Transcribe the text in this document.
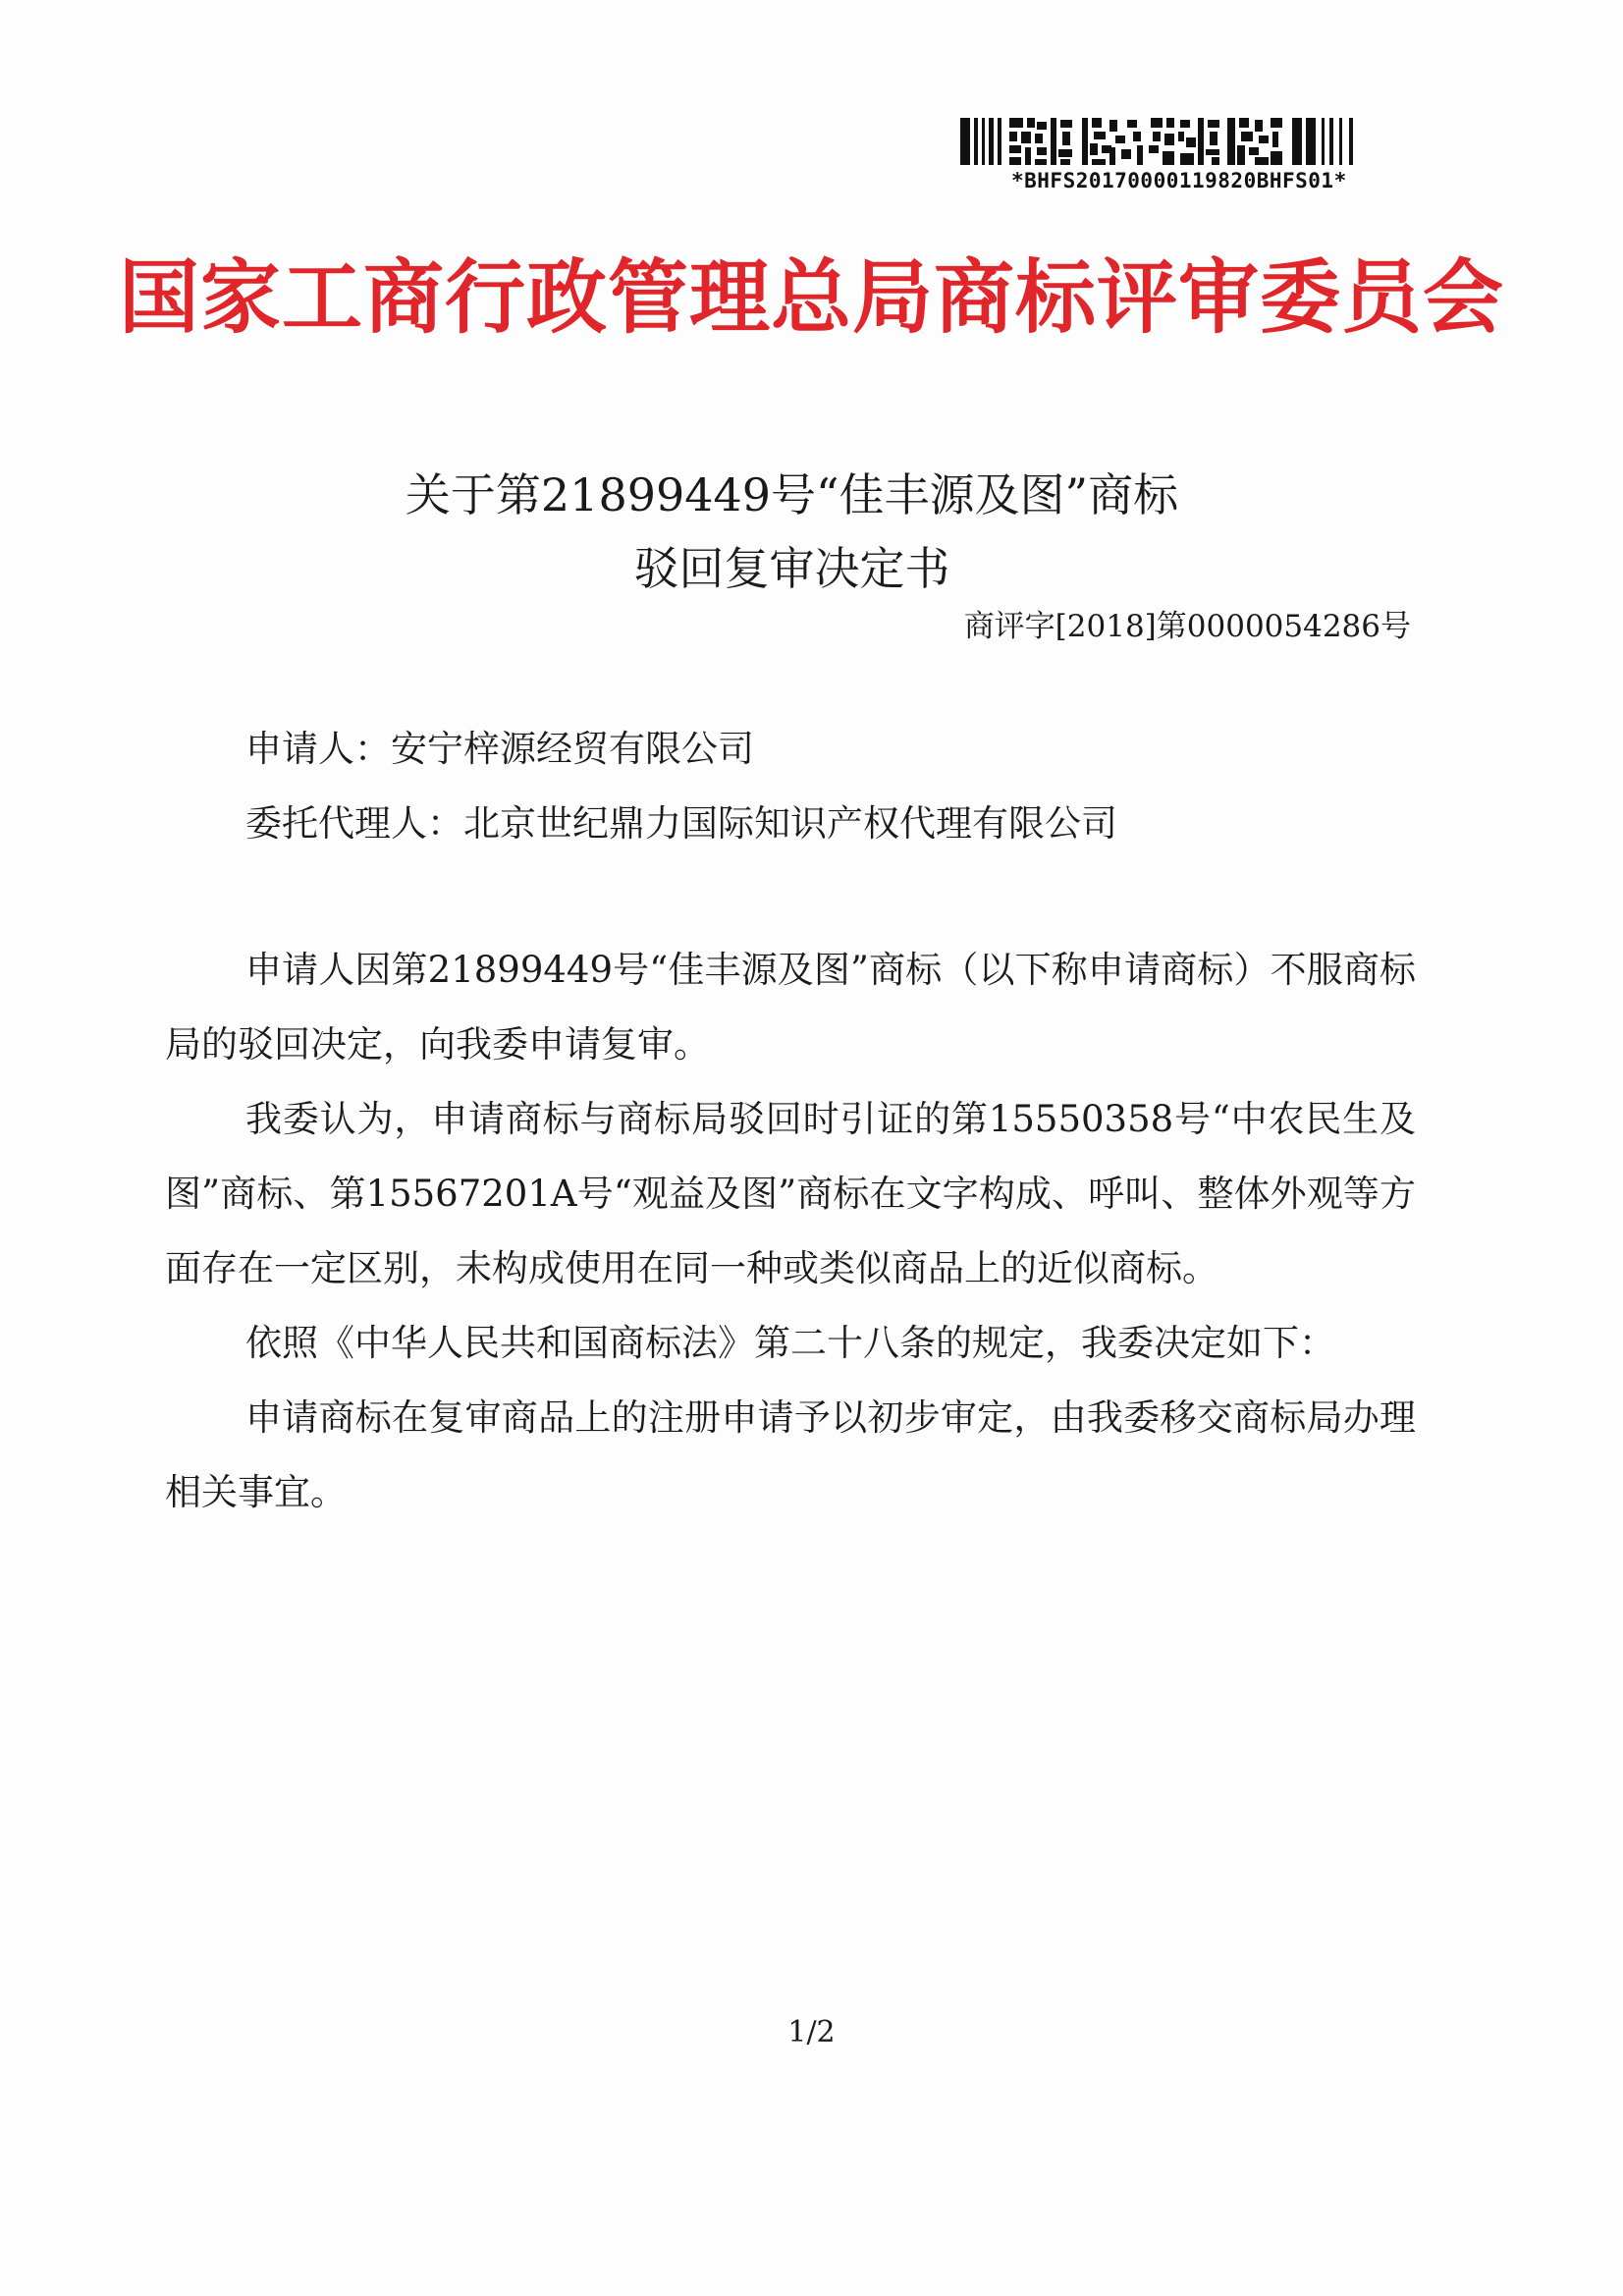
*BHFS20170000119820BHFS01*
国家工商行政管理总局商标评审委员会
关于第21899449号“佳丰源及图”商标
驳回复审决定书
商评字[2018]第0000054286号
申请人：安宁梓源经贸有限公司
委托代理人：北京世纪鼎力国际知识产权代理有限公司

申请人因第21899449号“佳丰源及图”商标（以下称申请商标）不服商标局的驳回决定，向我委申请复审。

我委认为，申请商标与商标局驳回时引证的第15550358号“中农民生及图”商标、第15567201A号“观益及图”商标在文字构成、呼叫、整体外观等方面存在一定区别，未构成使用在同一种或类似商品上的近似商标。

依照《中华人民共和国商标法》第二十八条的规定，我委决定如下：

申请商标在复审商品上的注册申请予以初步审定，由我委移交商标局办理相关事宜。

1/2
